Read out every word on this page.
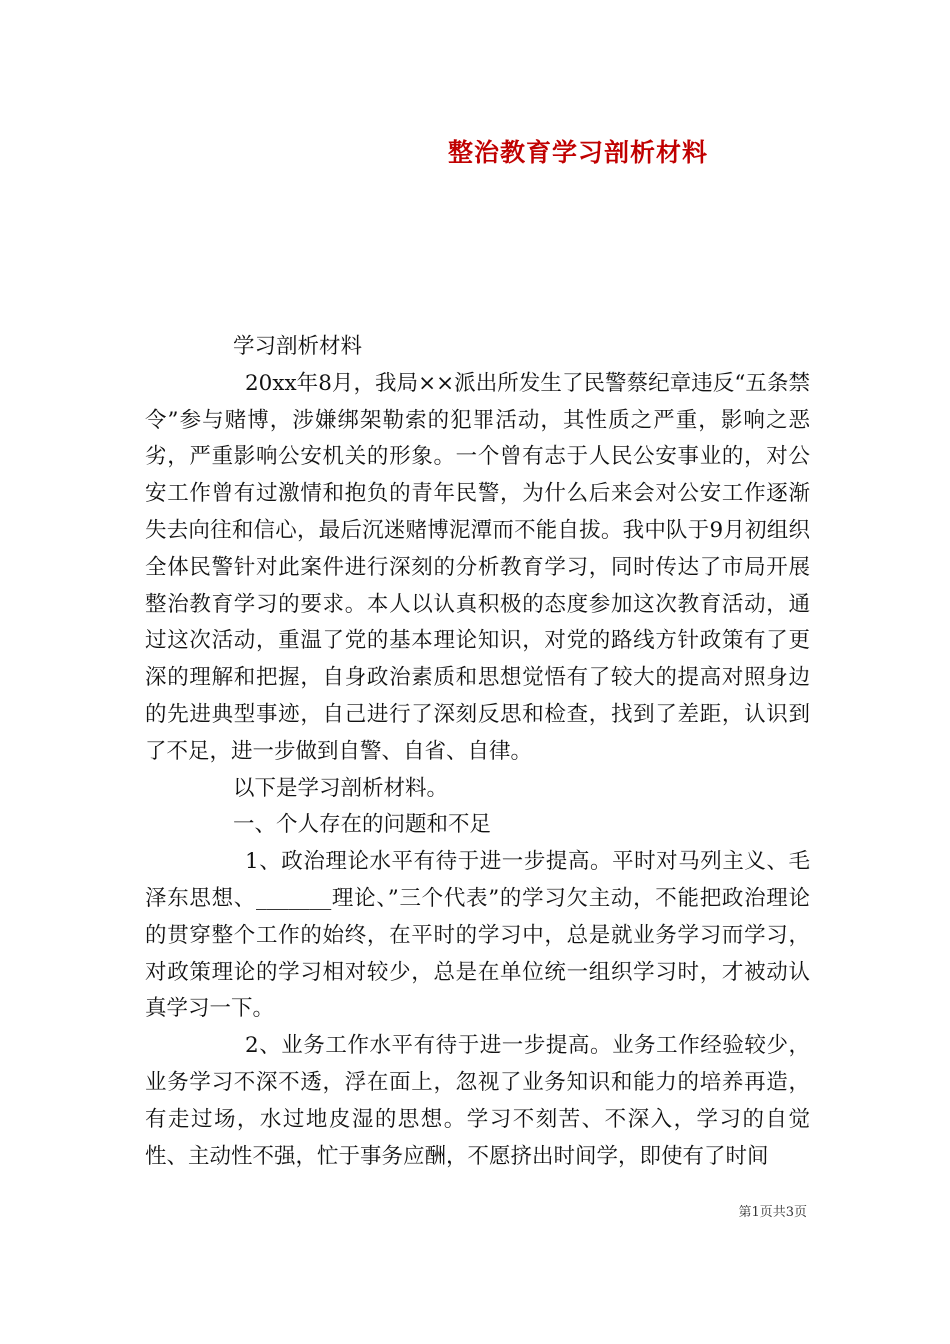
整治教育学习剖析材料

学习剖析材料

20xx年8月，我局××派出所发生了民警蔡纪章违反“五条禁令”参与赌博，涉嫌绑架勒索的犯罪活动，其性质之严重，影响之恶劣，严重影响公安机关的形象。一个曾有志于人民公安事业的，对公安工作曾有过激情和抱负的青年民警，为什么后来会对公安工作逐渐失去向往和信心，最后沉迷赌博泥潭而不能自拔。我中队于9月初组织全体民警针对此案件进行深刻的分析教育学习，同时传达了市局开展整治教育学习的要求。本人以认真积极的态度参加这次教育活动，通过这次活动，重温了党的基本理论知识，对党的路线方针政策有了更深的理解和把握，自身政治素质和思想觉悟有了较大的提高对照身边的先进典型事迹，自己进行了深刻反思和检查，找到了差距，认识到了不足，进一步做到自警、自省、自律。

以下是学习剖析材料。

一、个人存在的问题和不足

1、政治理论水平有待于进一步提高。平时对马列主义、毛泽东思想、_______理论、”三个代表”的学习欠主动，不能把政治理论的贯穿整个工作的始终，在平时的学习中，总是就业务学习而学习，对政策理论的学习相对较少，总是在单位统一组织学习时，才被动认真学习一下。

2、业务工作水平有待于进一步提高。业务工作经验较少，业务学习不深不透，浮在面上，忽视了业务知识和能力的培养再造，有走过场，水过地皮湿的思想。学习不刻苦、不深入，学习的自觉性、主动性不强，忙于事务应酬，不愿挤出时间学，即使有了时间

第1页共3页
